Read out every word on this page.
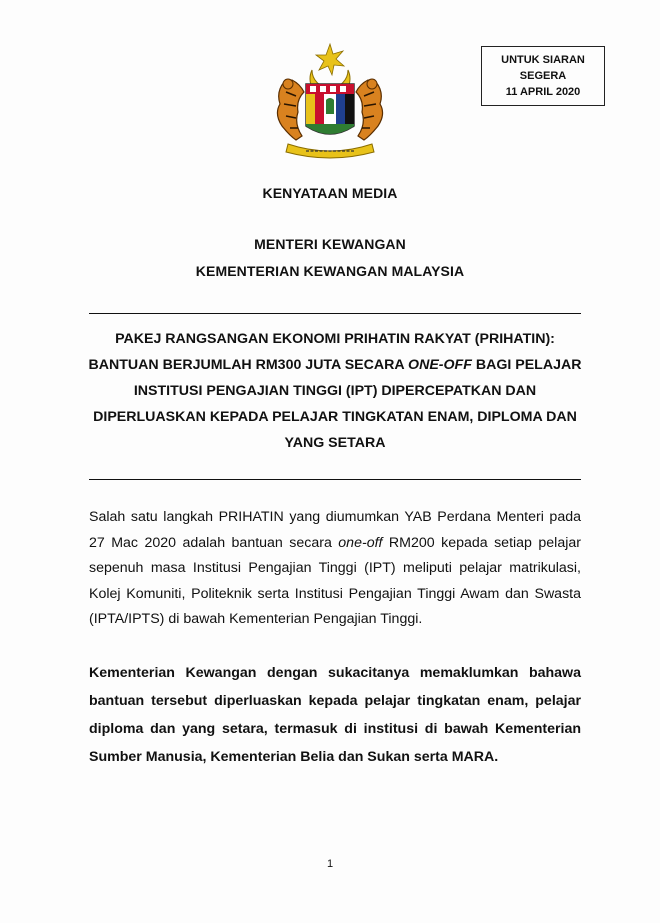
UNTUK SIARAN
SEGERA
11 APRIL 2020
KENYATAAN MEDIA
MENTERI KEWANGAN
KEMENTERIAN KEWANGAN MALAYSIA
PAKEJ RANGSANGAN EKONOMI PRIHATIN RAKYAT (PRIHATIN): BANTUAN BERJUMLAH RM300 JUTA SECARA ONE-OFF BAGI PELAJAR INSTITUSI PENGAJIAN TINGGI (IPT) DIPERCEPATKAN DAN DIPERLUASKAN KEPADA PELAJAR TINGKATAN ENAM, DIPLOMA DAN YANG SETARA
Salah satu langkah PRIHATIN yang diumumkan YAB Perdana Menteri pada 27 Mac 2020 adalah bantuan secara one-off RM200 kepada setiap pelajar sepenuh masa Institusi Pengajian Tinggi (IPT) meliputi pelajar matrikulasi, Kolej Komuniti, Politeknik serta Institusi Pengajian Tinggi Awam dan Swasta (IPTA/IPTS) di bawah Kementerian Pengajian Tinggi.
Kementerian Kewangan dengan sukacitanya memaklumkan bahawa bantuan tersebut diperluaskan kepada pelajar tingkatan enam, pelajar diploma dan yang setara, termasuk di institusi di bawah Kementerian Sumber Manusia, Kementerian Belia dan Sukan serta MARA.
1
